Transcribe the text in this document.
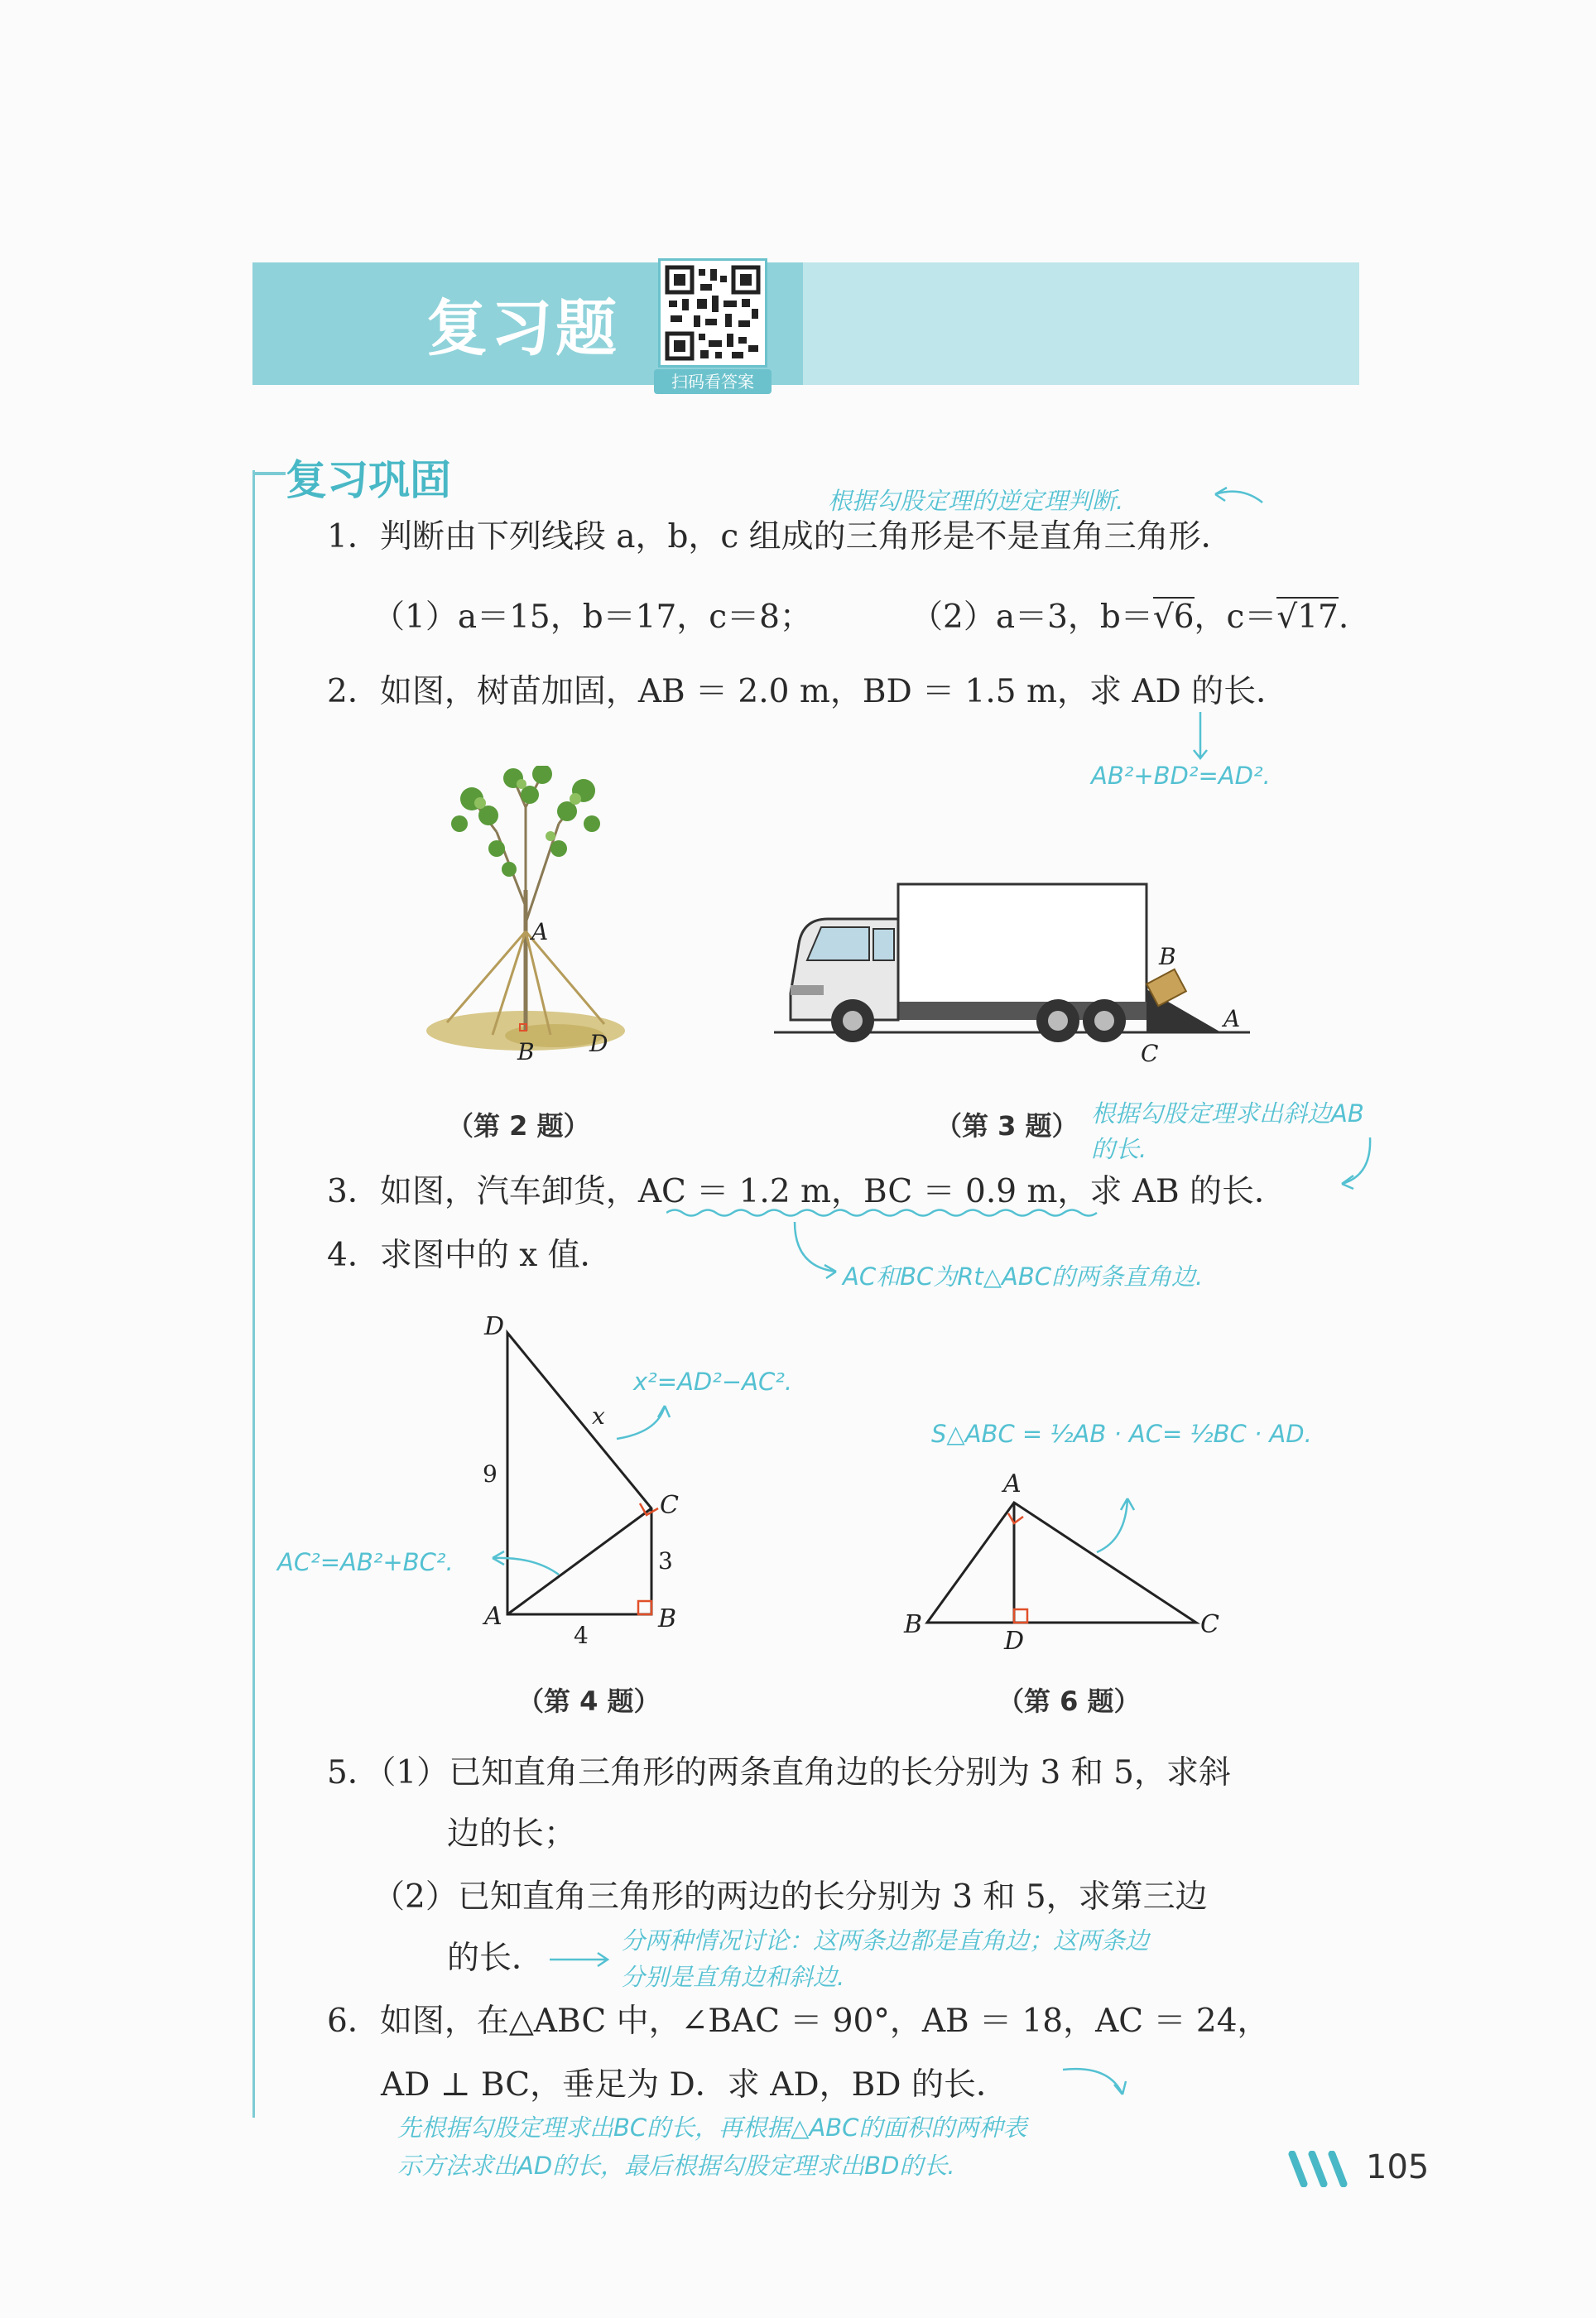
复习题
扫码看答案
复习巩固	根据勾股定理的逆定理判断.
1．判断由下列线段 a，b，c 组成的三角形是不是直角三角形．
（1）a＝15，b＝17，c＝8；	（2）a＝3，b＝√6，c＝√17.
2．如图，树苗加固，AB ＝ 2.0 m，BD ＝ 1.5 m，求 AD 的长．
AB²+BD²=AD².
A
B D
B
A
C
（第 2 题）	（第 3 题） 根据勾股定理求出斜边AB
的长.
3．如图，汽车卸货，AC ＝ 1.2 m，BC ＝ 0.9 m，求 AB 的长．
4．求图中的 x 值．
AC和BC为Rt△ABC的两条直角边.
D
A	B
C
x
9
3
4
x²=AD²−AC².
AC²=AB²+BC².
（第 4 题）
S△ABC = ½AB · AC= ½BC · AD.
A
B	C
D
（第 6 题）
5．（1）已知直角三角形的两条直角边的长分别为 3 和 5，求斜
边的长；
（2）已知直角三角形的两边的长分别为 3 和 5，求第三边
的长．	分两种情况讨论：这两条边都是直角边；这两条边
分别是直角边和斜边.
6．如图，在△ABC 中，∠BAC ＝ 90°，AB ＝ 18，AC ＝ 24，
AD ⊥ BC，垂足为 D．求 AD，BD 的长．
先根据勾股定理求出BC的长，再根据△ABC的面积的两种表
示方法求出AD的长，最后根据勾股定理求出BD的长.	105
